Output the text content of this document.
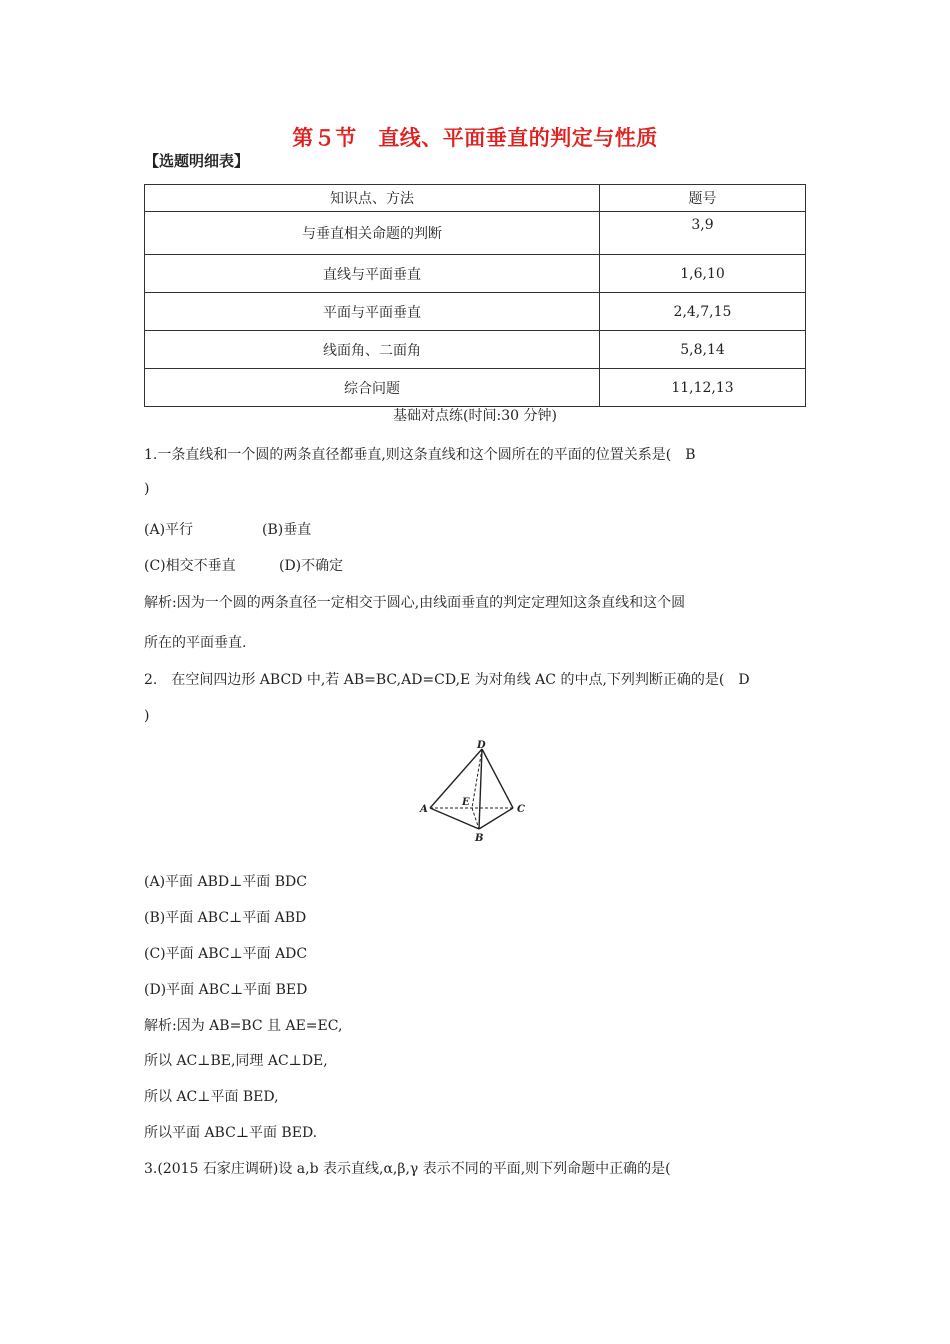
第５节　直线、平面垂直的判定与性质
【选题明细表】
知识点、方法	题号
与垂直相关命题的判断	3,9
直线与平面垂直	1,6,10
平面与平面垂直	2,4,7,15
线面角、二面角	5,8,14
综合问题	11,12,13
基础对点练(时间:30 分钟)
1.一条直线和一个圆的两条直径都垂直,则这条直线和这个圆所在的平面的位置关系是(　B
)
(A)平行	(B)垂直
(C)相交不垂直	(D)不确定
解析:因为一个圆的两条直径一定相交于圆心,由线面垂直的判定定理知这条直线和这个圆
所在的平面垂直.
2.　在空间四边形 ABCD 中,若 AB=BC,AD=CD,E 为对角线 AC 的中点,下列判断正确的是(　D
)
D
A
E
C
B
(A)平面 ABD⊥平面 BDC
(B)平面 ABC⊥平面 ABD
(C)平面 ABC⊥平面 ADC
(D)平面 ABC⊥平面 BED
解析:因为 AB=BC 且 AE=EC,
所以 AC⊥BE,同理 AC⊥DE,
所以 AC⊥平面 BED,
所以平面 ABC⊥平面 BED.
3.(2015 石家庄调研)设 a,b 表示直线,α,β,γ 表示不同的平面,则下列命题中正确的是(
